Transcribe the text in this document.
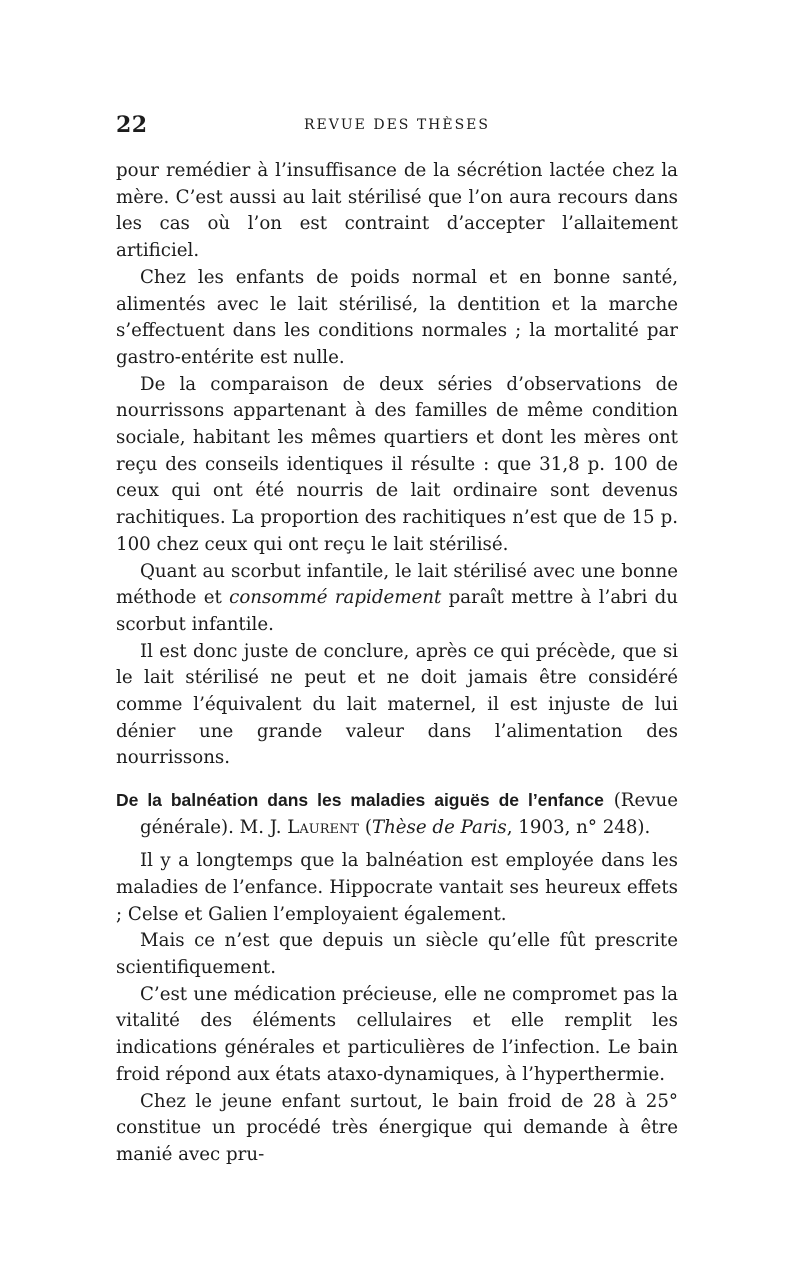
22	REVUE DES THÈSES

pour remédier à l’insuffisance de la sécrétion lactée chez la mère. C’est aussi au lait stérilisé que l’on aura recours dans les cas où l’on est contraint d’accepter l’allaitement artificiel.

Chez les enfants de poids normal et en bonne santé, alimentés avec le lait stérilisé, la dentition et la marche s’effectuent dans les conditions normales ; la mortalité par gastro-entérite est nulle.

De la comparaison de deux séries d’observations de nourrissons appartenant à des familles de même condition sociale, habitant les mêmes quartiers et dont les mères ont reçu des conseils identiques il résulte : que 31,8 p. 100 de ceux qui ont été nourris de lait ordinaire sont devenus rachitiques. La proportion des rachitiques n’est que de 15 p. 100 chez ceux qui ont reçu le lait stérilisé.

Quant au scorbut infantile, le lait stérilisé avec une bonne méthode et consommé rapidement paraît mettre à l’abri du scorbut infantile.

Il est donc juste de conclure, après ce qui précède, que si le lait stérilisé ne peut et ne doit jamais être considéré comme l’équivalent du lait maternel, il est injuste de lui dénier une grande valeur dans l’alimentation des nourrissons.

De la balnéation dans les maladies aiguës de l’enfance (Revue générale). M. J. Laurent (Thèse de Paris, 1903, n° 248).

Il y a longtemps que la balnéation est employée dans les maladies de l’enfance. Hippocrate vantait ses heureux effets ; Celse et Galien l’employaient également.

Mais ce n’est que depuis un siècle qu’elle fût prescrite scientifiquement.

C’est une médication précieuse, elle ne compromet pas la vitalité des éléments cellulaires et elle remplit les indications générales et particulières de l’infection. Le bain froid répond aux états ataxo-dynamiques, à l’hyperthermie.

Chez le jeune enfant surtout, le bain froid de 28 à 25° constitue un procédé très énergique qui demande à être manié avec pru-
